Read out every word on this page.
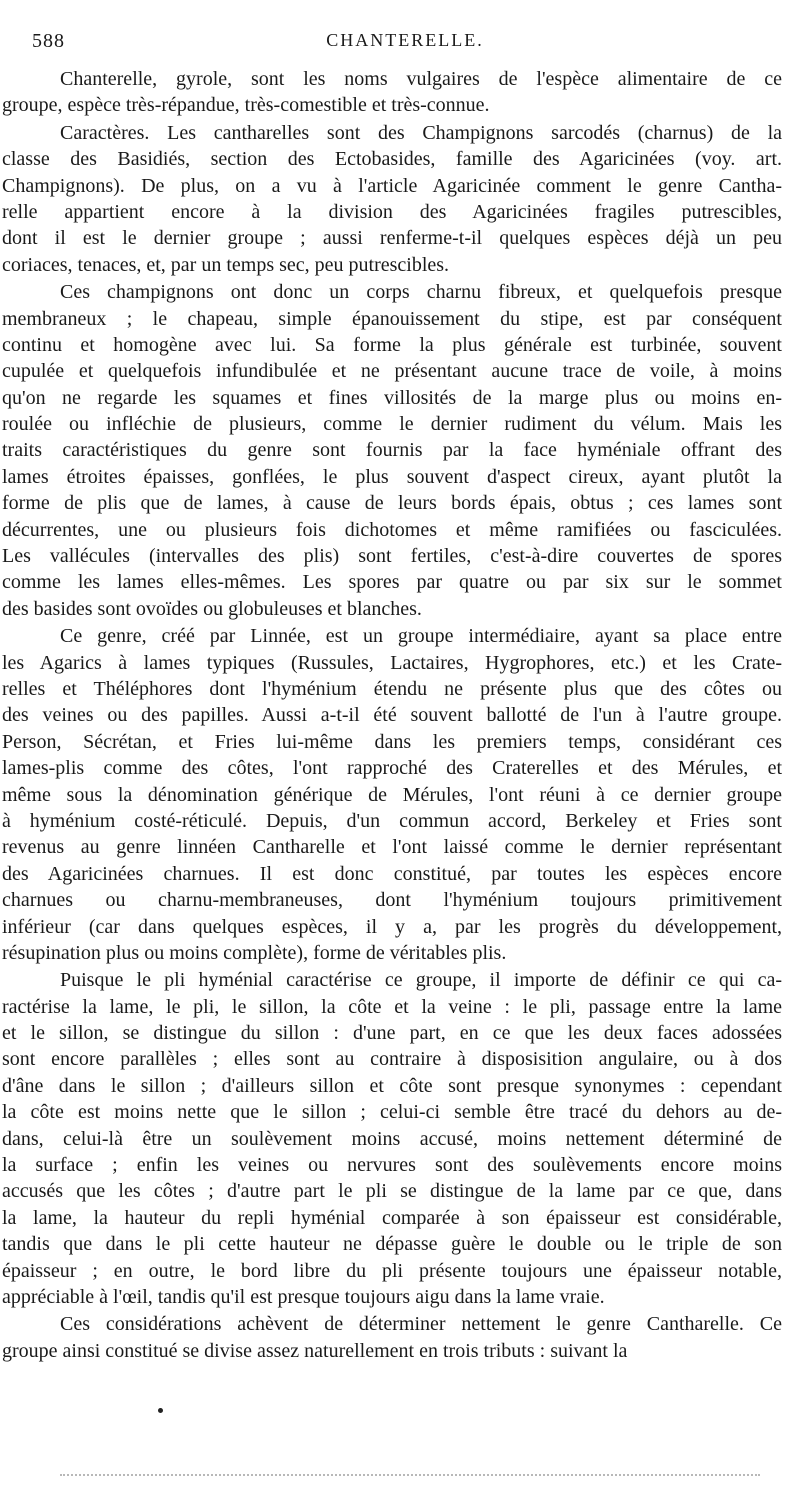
588	CHANTERELLE.
Chanterelle, gyrole, sont les noms vulgaires de l'espèce alimentaire de ce
groupe, espèce très-répandue, très-comestible et très-connue.
Caractères. Les cantharelles sont des Champignons sarcodés (charnus) de la
classe des Basidiés, section des Ectobasides, famille des Agaricinées (voy. art.
Champignons). De plus, on a vu à l'article Agaricinée comment le genre Cantha-
relle appartient encore à la division des Agaricinées fragiles putrescibles,
dont il est le dernier groupe ; aussi renferme-t-il quelques espèces déjà un peu
coriaces, tenaces, et, par un temps sec, peu putrescibles.
Ces champignons ont donc un corps charnu fibreux, et quelquefois presque
membraneux ; le chapeau, simple épanouissement du stipe, est par conséquent
continu et homogène avec lui. Sa forme la plus générale est turbinée, souvent
cupulée et quelquefois infundibulée et ne présentant aucune trace de voile, à moins
qu'on ne regarde les squames et fines villosités de la marge plus ou moins en-
roulée ou infléchie de plusieurs, comme le dernier rudiment du vélum. Mais les
traits caractéristiques du genre sont fournis par la face hyméniale offrant des
lames étroites épaisses, gonflées, le plus souvent d'aspect cireux, ayant plutôt la
forme de plis que de lames, à cause de leurs bords épais, obtus ; ces lames sont
décurrentes, une ou plusieurs fois dichotomes et même ramifiées ou fasciculées.
Les vallécules (intervalles des plis) sont fertiles, c'est-à-dire couvertes de spores
comme les lames elles-mêmes. Les spores par quatre ou par six sur le sommet
des basides sont ovoïdes ou globuleuses et blanches.
Ce genre, créé par Linnée, est un groupe intermédiaire, ayant sa place entre
les Agarics à lames typiques (Russules, Lactaires, Hygrophores, etc.) et les Crate-
relles et Théléphores dont l'hyménium étendu ne présente plus que des côtes ou
des veines ou des papilles. Aussi a-t-il été souvent ballotté de l'un à l'autre groupe.
Person, Sécrétan, et Fries lui-même dans les premiers temps, considérant ces
lames-plis comme des côtes, l'ont rapproché des Craterelles et des Mérules, et
même sous la dénomination générique de Mérules, l'ont réuni à ce dernier groupe
à hyménium costé-réticulé. Depuis, d'un commun accord, Berkeley et Fries sont
revenus au genre linnéen Cantharelle et l'ont laissé comme le dernier représentant
des Agaricinées charnues. Il est donc constitué, par toutes les espèces encore
charnues ou charnu-membraneuses, dont l'hyménium toujours primitivement
inférieur (car dans quelques espèces, il y a, par les progrès du développement,
résupination plus ou moins complète), forme de véritables plis.
Puisque le pli hyménial caractérise ce groupe, il importe de définir ce qui ca-
ractérise la lame, le pli, le sillon, la côte et la veine : le pli, passage entre la lame
et le sillon, se distingue du sillon : d'une part, en ce que les deux faces adossées
sont encore parallèles ; elles sont au contraire à disposisition angulaire, ou à dos
d'âne dans le sillon ; d'ailleurs sillon et côte sont presque synonymes : cependant
la côte est moins nette que le sillon ; celui-ci semble être tracé du dehors au de-
dans, celui-là être un soulèvement moins accusé, moins nettement déterminé de
la surface ; enfin les veines ou nervures sont des soulèvements encore moins
accusés que les côtes ; d'autre part le pli se distingue de la lame par ce que, dans
la lame, la hauteur du repli hyménial comparée à son épaisseur est considérable,
tandis que dans le pli cette hauteur ne dépasse guère le double ou le triple de son
épaisseur ; en outre, le bord libre du pli présente toujours une épaisseur notable,
appréciable à l'œil, tandis qu'il est presque toujours aigu dans la lame vraie.
Ces considérations achèvent de déterminer nettement le genre Cantharelle. Ce
groupe ainsi constitué se divise assez naturellement en trois tributs : suivant la
